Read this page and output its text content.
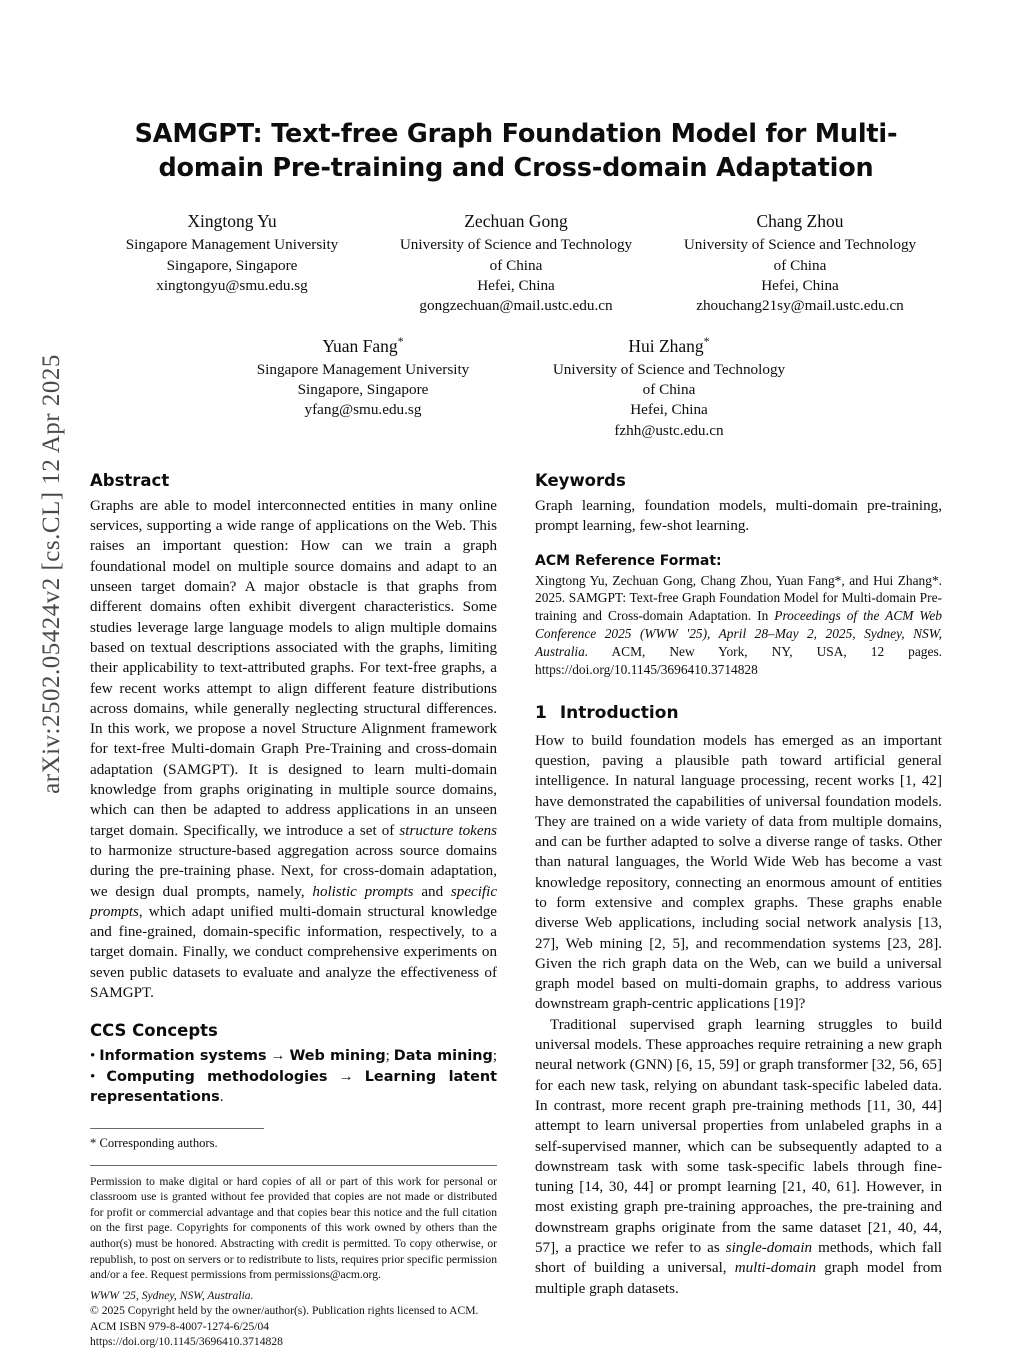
arXiv:2502.05424v2 [cs.CL] 12 Apr 2025
SAMGPT: Text-free Graph Foundation Model for Multi-domain Pre-training and Cross-domain Adaptation
Xingtong Yu
Singapore Management University
Singapore, Singapore
xingtongyu@smu.edu.sg
Zechuan Gong
University of Science and Technology
of China
Hefei, China
gongzechuan@mail.ustc.edu.cn
Chang Zhou
University of Science and Technology
of China
Hefei, China
zhouchang21sy@mail.ustc.edu.cn
Yuan Fang*
Singapore Management University
Singapore, Singapore
yfang@smu.edu.sg
Hui Zhang*
University of Science and Technology
of China
Hefei, China
fzhh@ustc.edu.cn
Abstract

Graphs are able to model interconnected entities in many online services, supporting a wide range of applications on the Web. This raises an important question: How can we train a graph foundational model on multiple source domains and adapt to an unseen target domain? A major obstacle is that graphs from different domains often exhibit divergent characteristics. Some studies leverage large language models to align multiple domains based on textual descriptions associated with the graphs, limiting their applicability to text-attributed graphs. For text-free graphs, a few recent works attempt to align different feature distributions across domains, while generally neglecting structural differences. In this work, we propose a novel Structure Alignment framework for text-free Multi-domain Graph Pre-Training and cross-domain adaptation (SAMGPT). It is designed to learn multi-domain knowledge from graphs originating in multiple source domains, which can then be adapted to address applications in an unseen target domain. Specifically, we introduce a set of structure tokens to harmonize structure-based aggregation across source domains during the pre-training phase. Next, for cross-domain adaptation, we design dual prompts, namely, holistic prompts and specific prompts, which adapt unified multi-domain structural knowledge and fine-grained, domain-specific information, respectively, to a target domain. Finally, we conduct comprehensive experiments on seven public datasets to evaluate and analyze the effectiveness of SAMGPT.

CCS Concepts
• Information systems → Web mining; Data mining; • Computing methodologies → Learning latent representations.
* Corresponding authors.

Permission to make digital or hard copies of all or part of this work for personal or classroom use is granted without fee provided that copies are not made or distributed for profit or commercial advantage and that copies bear this notice and the full citation on the first page. Copyrights for components of this work owned by others than the author(s) must be honored. Abstracting with credit is permitted. To copy otherwise, or republish, to post on servers or to redistribute to lists, requires prior specific permission and/or a fee. Request permissions from permissions@acm.org.

WWW '25, Sydney, NSW, Australia.

© 2025 Copyright held by the owner/author(s). Publication rights licensed to ACM.

ACM ISBN 979-8-4007-1274-6/25/04

https://doi.org/10.1145/3696410.3714828

Keywords
Graph learning, foundation models, multi-domain pre-training, prompt learning, few-shot learning.
ACM Reference Format:
Xingtong Yu, Zechuan Gong, Chang Zhou, Yuan Fang*, and Hui Zhang*. 2025. SAMGPT: Text-free Graph Foundation Model for Multi-domain Pre-training and Cross-domain Adaptation. In Proceedings of the ACM Web Conference 2025 (WWW '25), April 28–May 2, 2025, Sydney, NSW, Australia. ACM, New York, NY, USA, 12 pages. https://doi.org/10.1145/3696410.3714828
1 Introduction

How to build foundation models has emerged as an important question, paving a plausible path toward artificial general intelligence. In natural language processing, recent works [1, 42] have demonstrated the capabilities of universal foundation models. They are trained on a wide variety of data from multiple domains, and can be further adapted to solve a diverse range of tasks. Other than natural languages, the World Wide Web has become a vast knowledge repository, connecting an enormous amount of entities to form extensive and complex graphs. These graphs enable diverse Web applications, including social network analysis [13, 27], Web mining [2, 5], and recommendation systems [23, 28]. Given the rich graph data on the Web, can we build a universal graph model based on multi-domain graphs, to address various downstream graph-centric applications [19]?

Traditional supervised graph learning struggles to build universal models. These approaches require retraining a new graph neural network (GNN) [6, 15, 59] or graph transformer [32, 56, 65] for each new task, relying on abundant task-specific labeled data. In contrast, more recent graph pre-training methods [11, 30, 44] attempt to learn universal properties from unlabeled graphs in a self-supervised manner, which can be subsequently adapted to a downstream task with some task-specific labels through fine-tuning [14, 30, 44] or prompt learning [21, 40, 61]. However, in most existing graph pre-training approaches, the pre-training and downstream graphs originate from the same dataset [21, 40, 44, 57], a practice we refer to as single-domain methods, which fall short of building a universal, multi-domain graph model from multiple graph datasets.
